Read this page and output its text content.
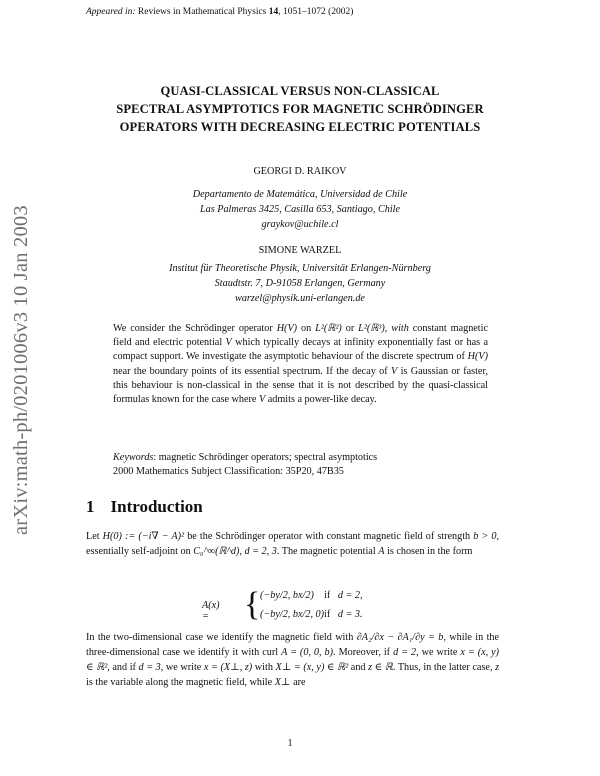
Appeared in: Reviews in Mathematical Physics 14, 1051–1072 (2002)
QUASI-CLASSICAL VERSUS NON-CLASSICAL
SPECTRAL ASYMPTOTICS FOR MAGNETIC SCHRÖDINGER
OPERATORS WITH DECREASING ELECTRIC POTENTIALS
GEORGI D. RAIKOV
Departamento de Matemática, Universidad de Chile
Las Palmeras 3425, Casilla 653, Santiago, Chile
graykov@uchile.cl
SIMONE WARZEL
Institut für Theoretische Physik, Universität Erlangen-Nürnberg
Staudtstr. 7, D-91058 Erlangen, Germany
warzel@physik.uni-erlangen.de
We consider the Schrödinger operator H(V) on L²(ℝ²) or L²(ℝ³), with constant magnetic field and electric potential V which typically decays at infinity exponentially fast or has a compact support. We investigate the asymptotic behaviour of the discrete spectrum of H(V) near the boundary points of its essential spectrum. If the decay of V is Gaussian or faster, this behaviour is non-classical in the sense that it is not described by the quasi-classical formulas known for the case where V admits a power-like decay.
Keywords: magnetic Schrödinger operators; spectral asymptotics
2000 Mathematics Subject Classification: 35P20, 47B35
arXiv:math-ph/0201006v3 10 Jan 2003	1 Introduction
Let H(0) := (−i∇ − A)² be the Schrödinger operator with constant magnetic field of strength b > 0, essentially self-adjoint on C₀^∞(ℝ^d), d = 2, 3. The magnetic potential A is chosen in the form
A(x) =	{ (−by/2, bx/2) if d = 2,
(−by/2, bx/2, 0) if d = 3.
In the two-dimensional case we identify the magnetic field with ∂A₂/∂x − ∂A₁/∂y = b, while in the three-dimensional case we identify it with curl A = (0, 0, b). Moreover, if d = 2, we write x = (x, y) ∈ ℝ², and if d = 3, we write x = (X⊥, z) with X⊥ = (x, y) ∈ ℝ² and z ∈ ℝ. Thus, in the latter case, z is the variable along the magnetic field, while X⊥ are
1
